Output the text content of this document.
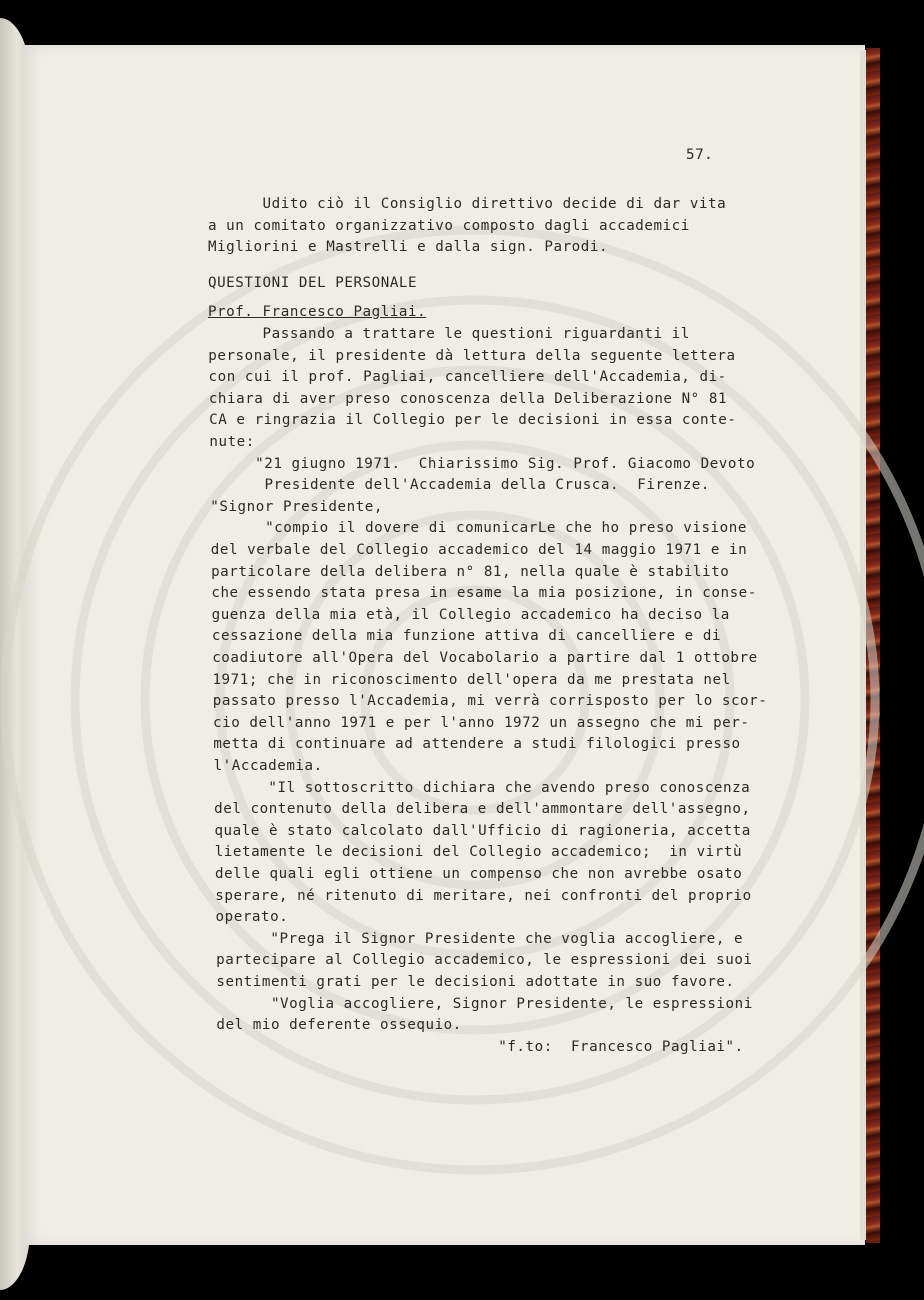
57.
Udito ciò il Consiglio direttivo decide di dar vita
a un comitato organizzativo composto dagli accademici
Migliorini e Mastrelli e dalla sign. Parodi.
QUESTIONI DEL PERSONALE
Prof. Francesco Pagliai.
Passando a trattare le questioni riguardanti il
personale, il presidente dà lettura della seguente lettera
con cui il prof. Pagliai, cancelliere dell'Accademia, di-
chiara di aver preso conoscenza della Deliberazione N° 81
CA e ringrazia il Collegio per le decisioni in essa conte-
nute:
"21 giugno 1971.  Chiarissimo Sig. Prof. Giacomo Devoto
Presidente dell'Accademia della Crusca.  Firenze.
"Signor Presidente,
"compio il dovere di comunicarLe che ho preso visione
del verbale del Collegio accademico del 14 maggio 1971 e in
particolare della delibera n° 81, nella quale è stabilito
che essendo stata presa in esame la mia posizione, in conse-
guenza della mia età, il Collegio accademico ha deciso la
cessazione della mia funzione attiva di cancelliere e di
coadiutore all'Opera del Vocabolario a partire dal 1 ottobre
1971; che in riconoscimento dell'opera da me prestata nel
passato presso l'Accademia, mi verrà corrisposto per lo scor-
cio dell'anno 1971 e per l'anno 1972 un assegno che mi per-
metta di continuare ad attendere a studi filologici presso
l'Accademia.
"Il sottoscritto dichiara che avendo preso conoscenza
del contenuto della delibera e dell'ammontare dell'assegno,
quale è stato calcolato dall'Ufficio di ragioneria, accetta
lietamente le decisioni del Collegio accademico;  in virtù
delle quali egli ottiene un compenso che non avrebbe osato
sperare, né ritenuto di meritare, nei confronti del proprio
operato.
"Prega il Signor Presidente che voglia accogliere, e
partecipare al Collegio accademico, le espressioni dei suoi
sentimenti grati per le decisioni adottate in suo favore.
"Voglia accogliere, Signor Presidente, le espressioni
del mio deferente ossequio.
"f.to:  Francesco Pagliai".
